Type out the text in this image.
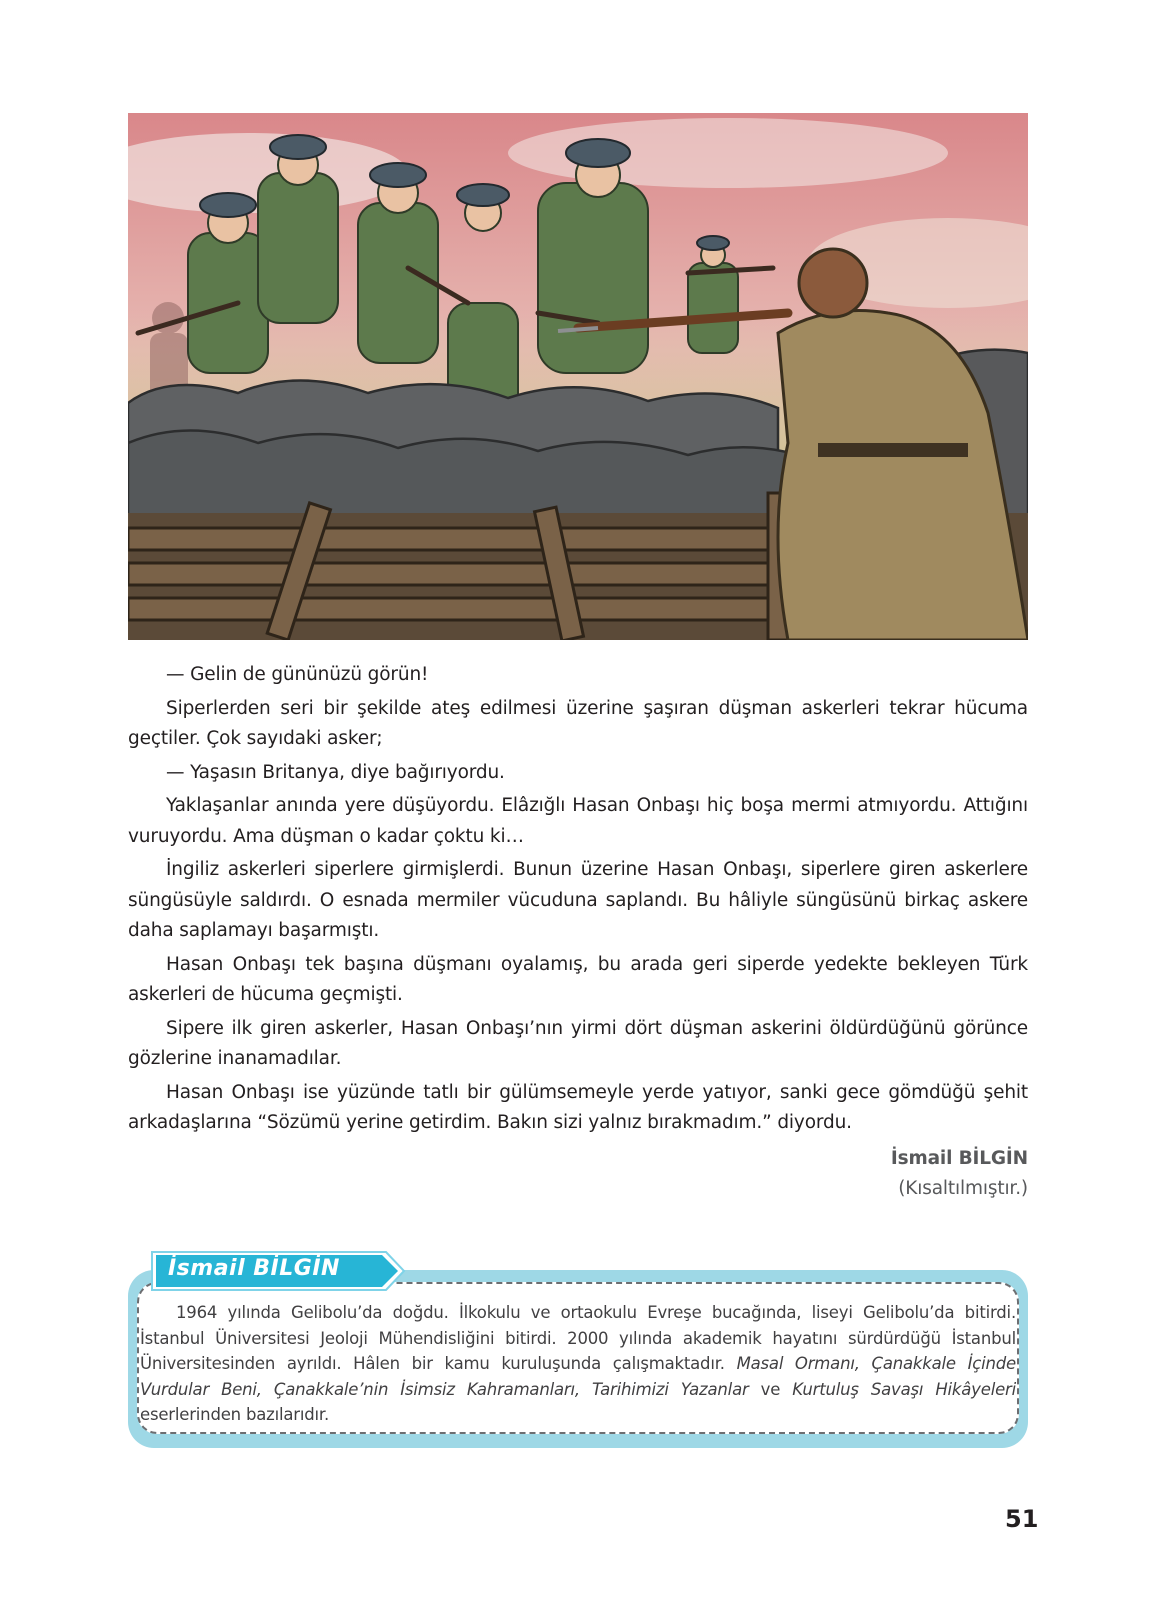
— Gelin de gününüzü görün!

Siperlerden seri bir şekilde ateş edilmesi üzerine şaşıran düşman askerleri tekrar hücuma geçtiler. Çok sayıdaki asker;

— Yaşasın Britanya, diye bağırıyordu.

Yaklaşanlar anında yere düşüyordu. Elâzığlı Hasan Onbaşı hiç boşa mermi atmıyordu. Attığını vuruyordu. Ama düşman o kadar çoktu ki…

İngiliz askerleri siperlere girmişlerdi. Bunun üzerine Hasan Onbaşı, siperlere giren askerlere süngüsüyle saldırdı. O esnada mermiler vücuduna saplandı. Bu hâliyle süngüsünü birkaç askere daha saplamayı başarmıştı.

Hasan Onbaşı tek başına düşmanı oyalamış, bu arada geri siperde yedekte bekleyen Türk askerleri de hücuma geçmişti.

Sipere ilk giren askerler, Hasan Onbaşı’nın yirmi dört düşman askerini öldürdüğünü görünce gözlerine inanamadılar.

Hasan Onbaşı ise yüzünde tatlı bir gülümsemeyle yerde yatıyor, sanki gece gömdüğü şehit arkadaşlarına “Sözümü yerine getirdim. Bakın sizi yalnız bırakmadım.” diyordu.

İsmail BİLGİN
(Kısaltılmıştır.)
İsmail BİLGİN
1964 yılında Gelibolu’da doğdu. İlkokulu ve ortaokulu Evreşe bucağında, liseyi Gelibolu’da bitirdi. İstanbul Üniversitesi Jeoloji Mühendisliğini bitirdi. 2000 yılında akademik hayatını sürdürdüğü İstanbul Üniversitesinden ayrıldı. Hâlen bir kamu kuruluşunda çalışmaktadır. Masal Ormanı, Çanakkale İçinde Vurdular Beni, Çanakkale’nin İsimsiz Kahramanları, Tarihimizi Yazanlar ve Kurtuluş Savaşı Hikâyeleri eserlerinden bazılarıdır.
51
